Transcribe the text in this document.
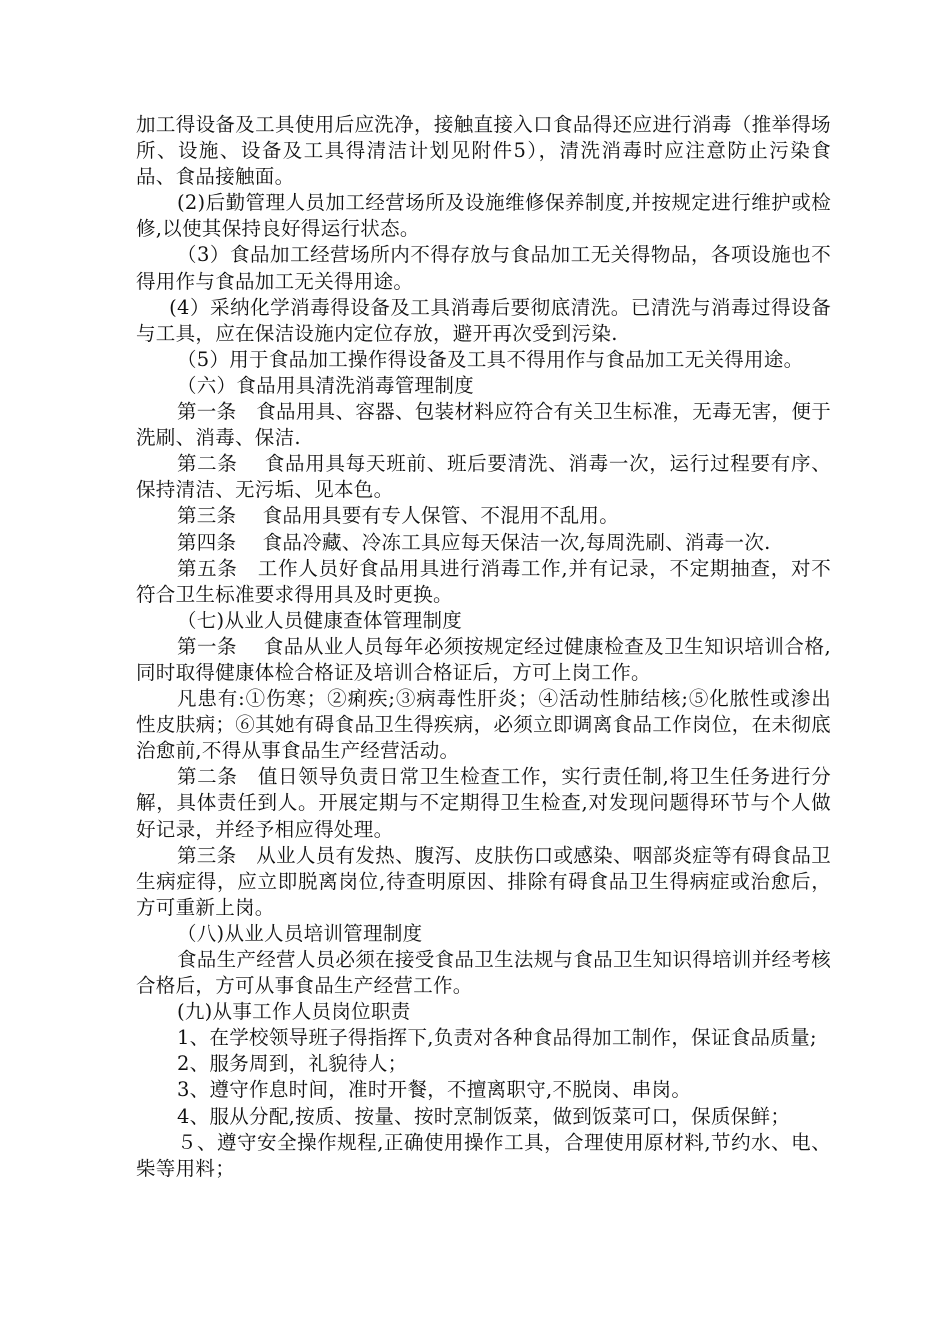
加工得设备及工具使用后应洗净，接触直接入口食品得还应进行消毒（推举得场所、设施、设备及工具得清洁计划见附件5），清洗消毒时应注意防止污染食品、食品接触面。

(2)后勤管理人员加工经营场所及设施维修保养制度,并按规定进行维护或检修,以使其保持良好得运行状态。

（3）食品加工经营场所内不得存放与食品加工无关得物品，各项设施也不得用作与食品加工无关得用途。

(4）采纳化学消毒得设备及工具消毒后要彻底清洗。已清洗与消毒过得设备与工具，应在保洁设施内定位存放，避开再次受到污染.

（5）用于食品加工操作得设备及工具不得用作与食品加工无关得用途。

（六）食品用具清洗消毒管理制度

第一条　食品用具、容器、包装材料应符合有关卫生标准，无毒无害，便于洗刷、消毒、保洁.

第二条　 食品用具每天班前、班后要清洗、消毒一次，运行过程要有序、保持清洁、无污垢、见本色。

第三条　 食品用具要有专人保管、不混用不乱用。

第四条　 食品冷藏、冷冻工具应每天保洁一次,每周洗刷、消毒一次.

第五条　工作人员好食品用具进行消毒工作,并有记录，不定期抽查，对不符合卫生标准要求得用具及时更换。

（七)从业人员健康查体管理制度

第一条　 食品从业人员每年必须按规定经过健康检查及卫生知识培训合格,同时取得健康体检合格证及培训合格证后，方可上岗工作。

凡患有:①伤寒；②痢疾;③病毒性肝炎；④活动性肺结核;⑤化脓性或渗出性皮肤病；⑥其她有碍食品卫生得疾病，必须立即调离食品工作岗位，在未彻底治愈前,不得从事食品生产经营活动。

第二条　值日领导负责日常卫生检查工作，实行责任制,将卫生任务进行分解，具体责任到人。开展定期与不定期得卫生检查,对发现问题得环节与个人做好记录，并经予相应得处理。

第三条　从业人员有发热、腹泻、皮肤伤口或感染、咽部炎症等有碍食品卫生病症得，应立即脱离岗位,待查明原因、排除有碍食品卫生得病症或治愈后，方可重新上岗。

（八)从业人员培训管理制度

食品生产经营人员必须在接受食品卫生法规与食品卫生知识得培训并经考核合格后，方可从事食品生产经营工作。

(九)从事工作人员岗位职责

1、在学校领导班子得指挥下,负责对各种食品得加工制作，保证食品质量;

2、服务周到，礼貌待人；

3、遵守作息时间，准时开餐，不擅离职守,不脱岗、串岗。

4、服从分配,按质、按量、按时烹制饭菜，做到饭菜可口，保质保鲜；

５、遵守安全操作规程,正确使用操作工具，合理使用原材料,节约水、电、柴等用料；
